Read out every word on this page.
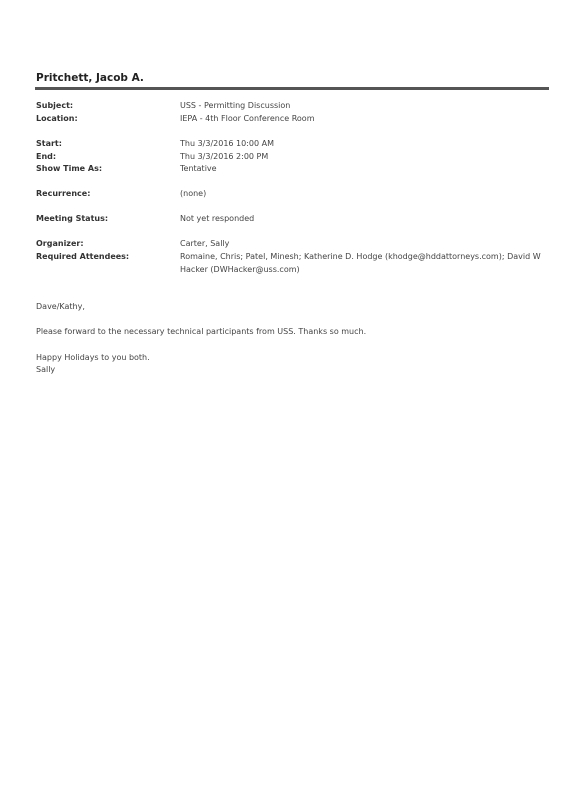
Pritchett, Jacob A.
Subject:	USS - Permitting Discussion
Location:	IEPA - 4th Floor Conference Room
Start:	Thu 3/3/2016 10:00 AM
End:	Thu 3/3/2016 2:00 PM
Show Time As:	Tentative
Recurrence:	(none)
Meeting Status:	Not yet responded
Organizer:	Carter, Sally
Required Attendees:	Romaine, Chris; Patel, Minesh; Katherine D. Hodge (khodge@hddattorneys.com); David W Hacker (DWHacker@uss.com)
Dave/Kathy,
Please forward to the necessary technical participants from USS. Thanks so much.
Happy Holidays to you both.
Sally
